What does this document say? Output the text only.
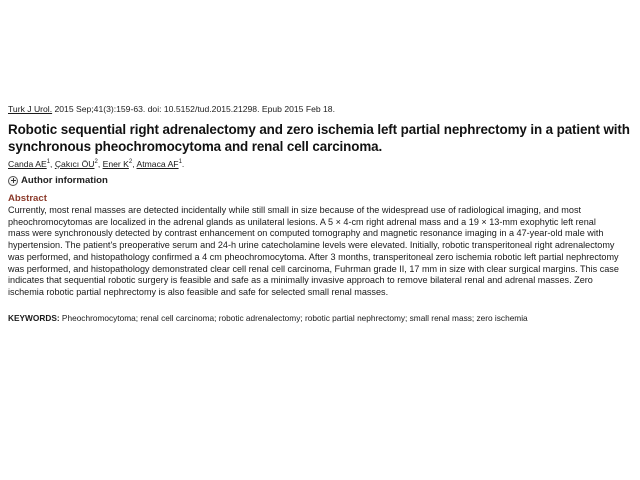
Turk J Urol. 2015 Sep;41(3):159-63. doi: 10.5152/tud.2015.21298. Epub 2015 Feb 18.
Robotic sequential right adrenalectomy and zero ischemia left partial nephrectomy in a patient with synchronous pheochromocytoma and renal cell carcinoma.
Canda $AE^1$, Çakıcı $ÖU^2$, Ener $K^2$, Atmaca $AF^1$.
Author information
Abstract
Currently, most renal masses are detected incidentally while still small in size because of the widespread use of radiological imaging, and most pheochromocytomas are localized in the adrenal glands as unilateral lesions. A 5 × 4-cm right adrenal mass and a 19 × 13-mm exophytic left renal mass were synchronously detected by contrast enhancement on computed tomography and magnetic resonance imaging in a 47-year-old male with hypertension. The patient's preoperative serum and 24-h urine catecholamine levels were elevated. Initially, robotic transperitoneal right adrenalectomy was performed, and histopathology confirmed a 4 cm pheochromocytoma. After 3 months, transperitoneal zero ischemia robotic left partial nephrectomy was performed, and histopathology demonstrated clear cell renal cell carcinoma, Fuhrman grade II, 17 mm in size with clear surgical margins. This case indicates that sequential robotic surgery is feasible and safe as a minimally invasive approach to remove bilateral renal and adrenal masses. Zero ischemia robotic partial nephrectomy is also feasible and safe for selected small renal masses.
KEYWORDS: Pheochromocytoma; renal cell carcinoma; robotic adrenalectomy; robotic partial nephrectomy; small renal mass; zero ischemia
